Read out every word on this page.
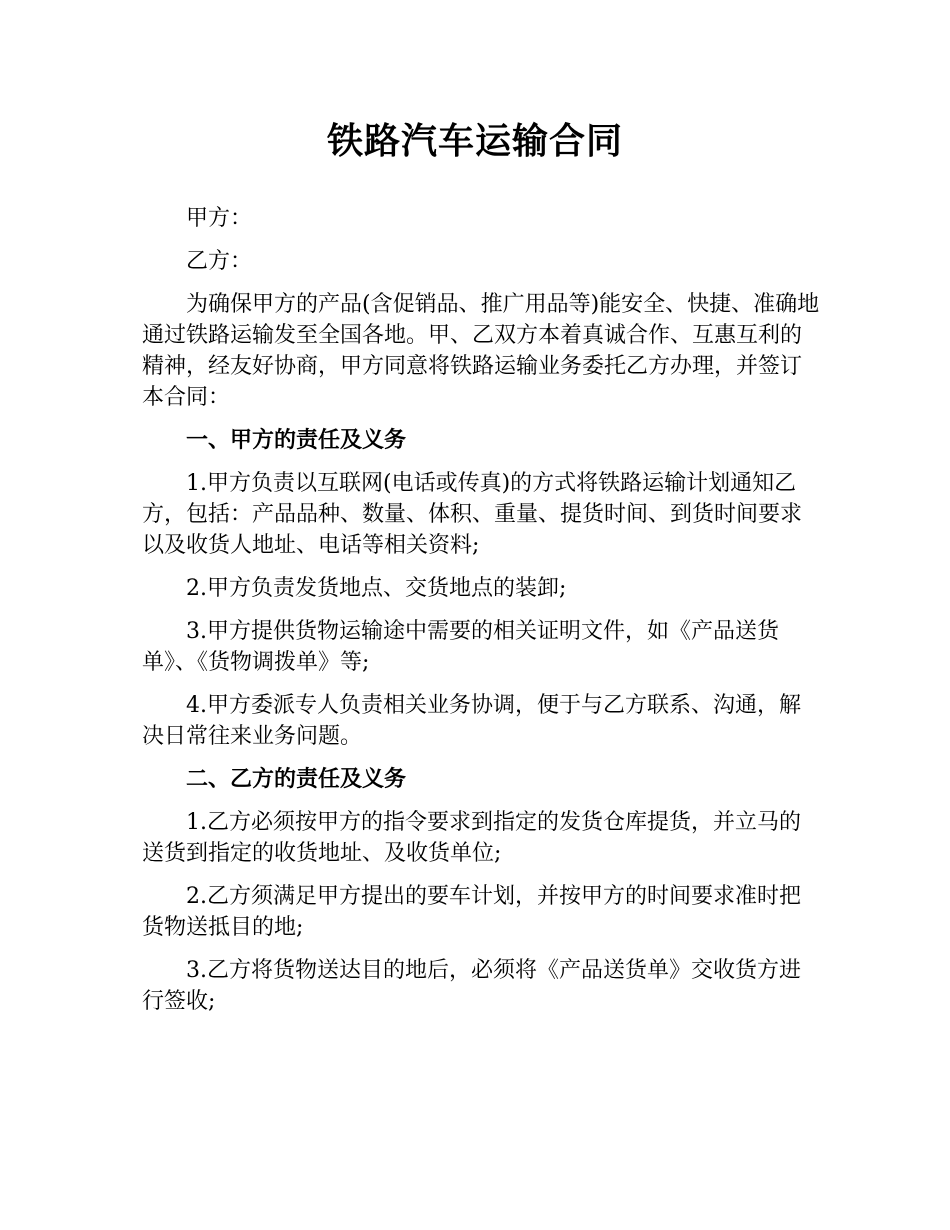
铁路汽车运输合同

甲方：

乙方：

为确保甲方的产品(含促销品、推广用品等)能安全、快捷、准确地通过铁路运输发至全国各地。甲、乙双方本着真诚合作、互惠互利的精神，经友好协商，甲方同意将铁路运输业务委托乙方办理，并签订本合同：

一、甲方的责任及义务

1.甲方负责以互联网(电话或传真)的方式将铁路运输计划通知乙方，包括：产品品种、数量、体积、重量、提货时间、到货时间要求以及收货人地址、电话等相关资料;

2.甲方负责发货地点、交货地点的装卸;

3.甲方提供货物运输途中需要的相关证明文件，如《产品送货单》、《货物调拨单》等;

4.甲方委派专人负责相关业务协调，便于与乙方联系、沟通，解决日常往来业务问题。

二、乙方的责任及义务

1.乙方必须按甲方的指令要求到指定的发货仓库提货，并立马的送货到指定的收货地址、及收货单位;

2.乙方须满足甲方提出的要车计划，并按甲方的时间要求准时把货物送抵目的地;

3.乙方将货物送达目的地后，必须将《产品送货单》交收货方进行签收;
